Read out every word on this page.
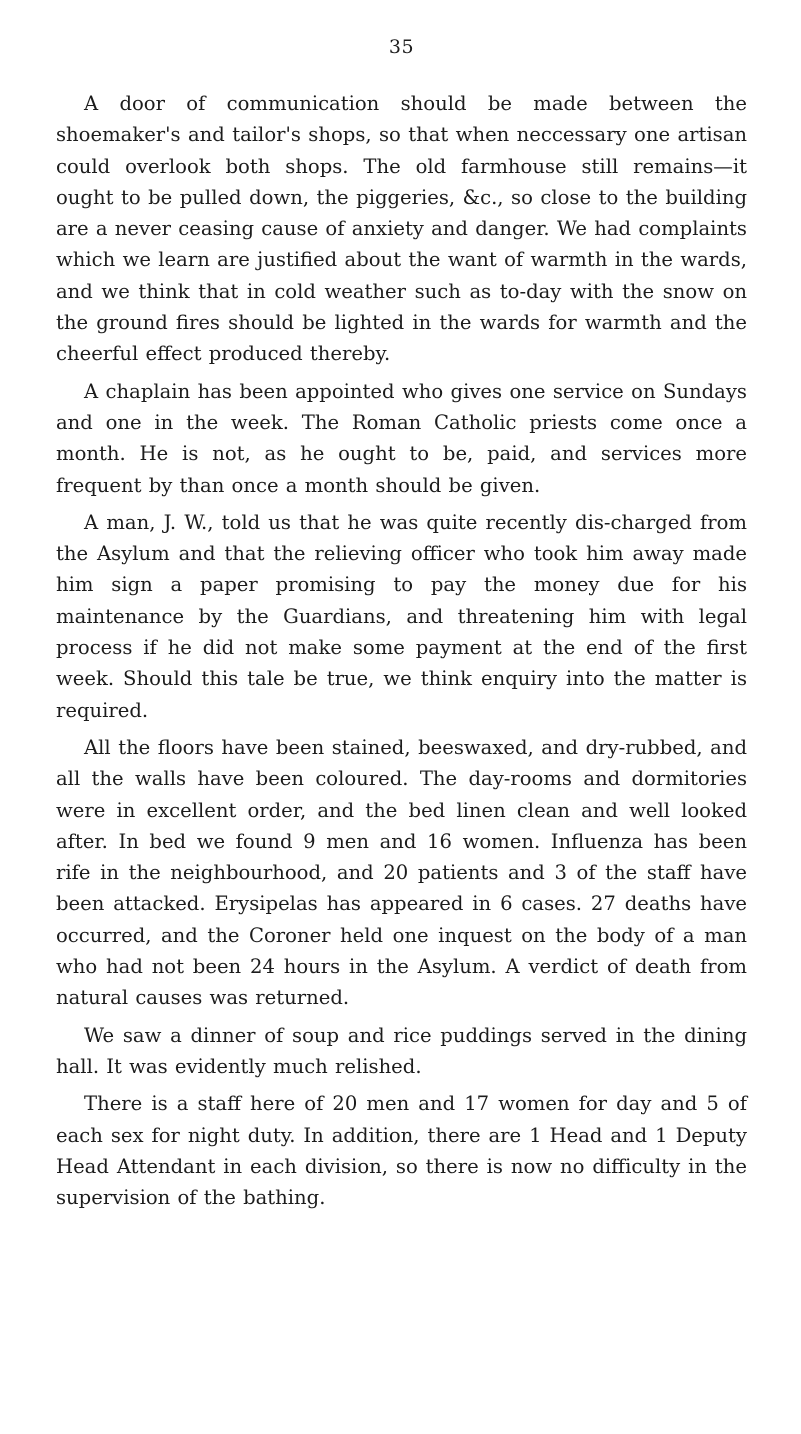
35

A door of communication should be made between the shoemaker's and tailor's shops, so that when neccessary one artisan could overlook both shops. The old farmhouse still remains—it ought to be pulled down, the piggeries, &c., so close to the building are a never ceasing cause of anxiety and danger. We had complaints which we learn are justified about the want of warmth in the wards, and we think that in cold weather such as to-day with the snow on the ground fires should be lighted in the wards for warmth and the cheerful effect produced thereby.

A chaplain has been appointed who gives one service on Sundays and one in the week. The Roman Catholic priests come once a month. He is not, as he ought to be, paid, and services more frequent by than once a month should be given.

A man, J. W., told us that he was quite recently dis-charged from the Asylum and that the relieving officer who took him away made him sign a paper promising to pay the money due for his maintenance by the Guardians, and threatening him with legal process if he did not make some payment at the end of the first week. Should this tale be true, we think enquiry into the matter is required.

All the floors have been stained, beeswaxed, and dry-rubbed, and all the walls have been coloured. The day-rooms and dormitories were in excellent order, and the bed linen clean and well looked after. In bed we found 9 men and 16 women. Influenza has been rife in the neighbourhood, and 20 patients and 3 of the staff have been attacked. Erysipelas has appeared in 6 cases. 27 deaths have occurred, and the Coroner held one inquest on the body of a man who had not been 24 hours in the Asylum. A verdict of death from natural causes was returned.

We saw a dinner of soup and rice puddings served in the dining hall. It was evidently much relished.

There is a staff here of 20 men and 17 women for day and 5 of each sex for night duty. In addition, there are 1 Head and 1 Deputy Head Attendant in each division, so there is now no difficulty in the supervision of the bathing.
